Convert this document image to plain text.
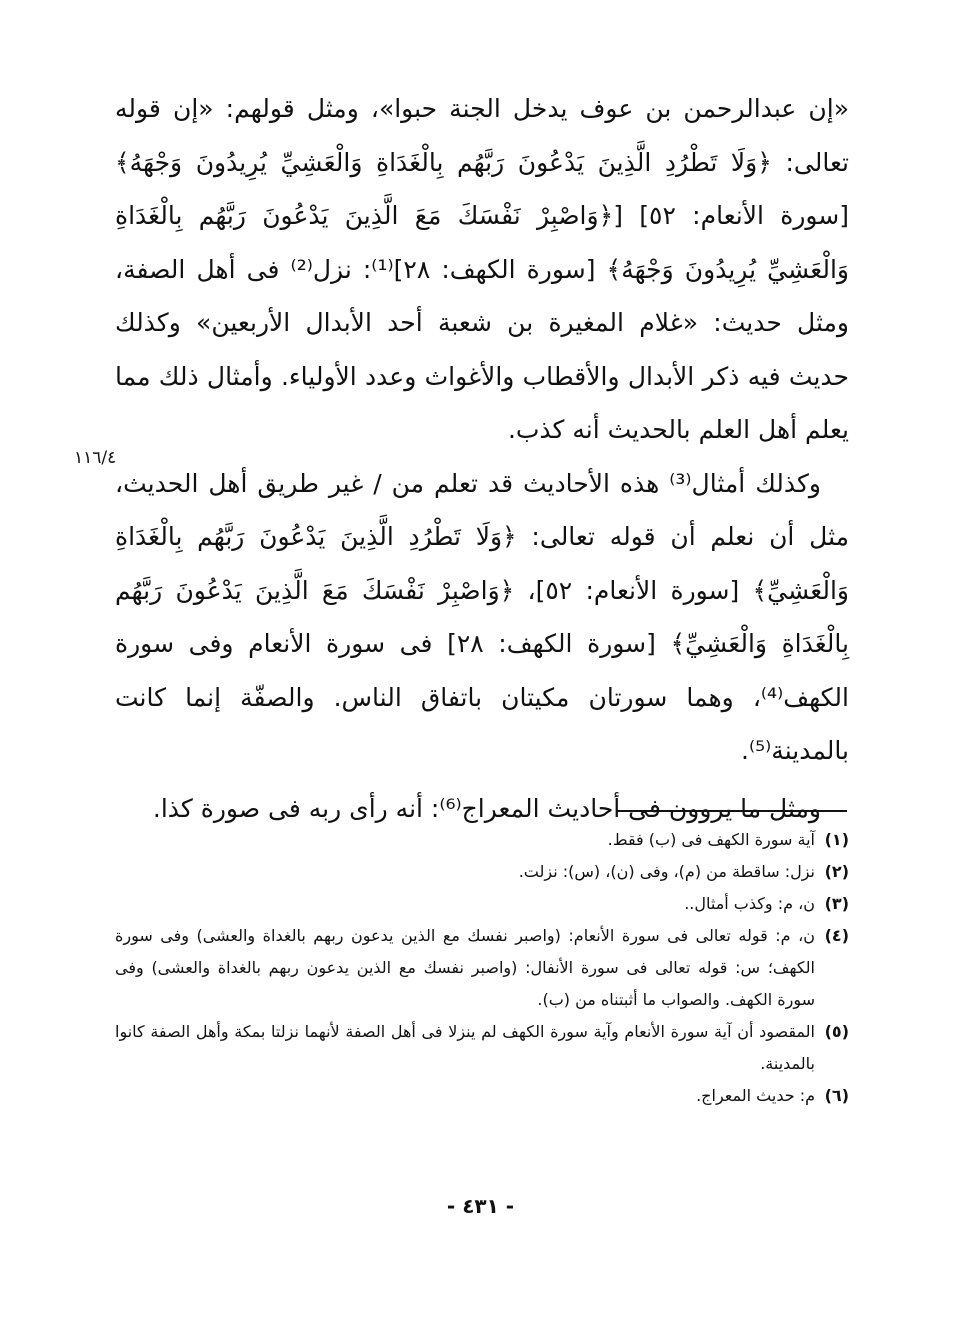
«إن عبدالرحمن بن عوف يدخل الجنة حبوا»، ومثل قولهم: «إن قوله تعالى: ﴿وَلَا تَطْرُدِ الَّذِينَ يَدْعُونَ رَبَّهُم بِالْغَدَاةِ وَالْعَشِيِّ يُرِيدُونَ وَجْهَهُ﴾ [سورة الأنعام: ٥٢] [﴿وَاصْبِرْ نَفْسَكَ مَعَ الَّذِينَ يَدْعُونَ رَبَّهُم بِالْغَدَاةِ وَالْعَشِيِّ يُرِيدُونَ وَجْهَهُ﴾ [سورة الكهف: ٢٨]⁽¹⁾: نزل⁽²⁾ فى أهل الصفة، ومثل حديث: «غلام المغيرة بن شعبة أحد الأبدال الأربعين» وكذلك حديث فيه ذكر الأبدال والأقطاب والأغواث وعدد الأولياء. وأمثال ذلك مما يعلم أهل العلم بالحديث أنه كذب.

وكذلك أمثال⁽³⁾ هذه الأحاديث قد تعلم من / غير طريق أهل الحديث، مثل أن نعلم أن قوله تعالى: ﴿وَلَا تَطْرُدِ الَّذِينَ يَدْعُونَ رَبَّهُم بِالْغَدَاةِ وَالْعَشِيِّ﴾ [سورة الأنعام: ٥٢]، ﴿وَاصْبِرْ نَفْسَكَ مَعَ الَّذِينَ يَدْعُونَ رَبَّهُم بِالْغَدَاةِ وَالْعَشِيِّ﴾ [سورة الكهف: ٢٨] فى سورة الأنعام وفى سورة الكهف⁽⁴⁾، وهما سورتان مكيتان باتفاق الناس. والصفّة إنما كانت بالمدينة⁽⁵⁾.

ومثل ما يروون فى أحاديث المعراج⁽⁶⁾: أنه رأى ربه فى صورة كذا.

١١٦/٤
(١)
آية سورة الكهف فى (ب) فقط.
(٢)
نزل: ساقطة من (م)، وفى (ن)، (س): نزلت.
(٣)
ن، م: وكذب أمثال..
(٤)
ن، م: قوله تعالى فى سورة الأنعام: (واصبر نفسك مع الذين يدعون ربهم بالغداة والعشى) وفى سورة الكهف؛ س: قوله تعالى فى سورة الأنفال: (واصبر نفسك مع الذين يدعون ربهم بالغداة والعشى) وفى سورة الكهف. والصواب ما أثبتناه من (ب).
(٥)
المقصود أن آية سورة الأنعام وآية سورة الكهف لم ينزلا فى أهل الصفة لأنهما نزلتا بمكة وأهل الصفة كانوا بالمدينة.
(٦)
م: حديث المعراج.
- ٤٣١ -
